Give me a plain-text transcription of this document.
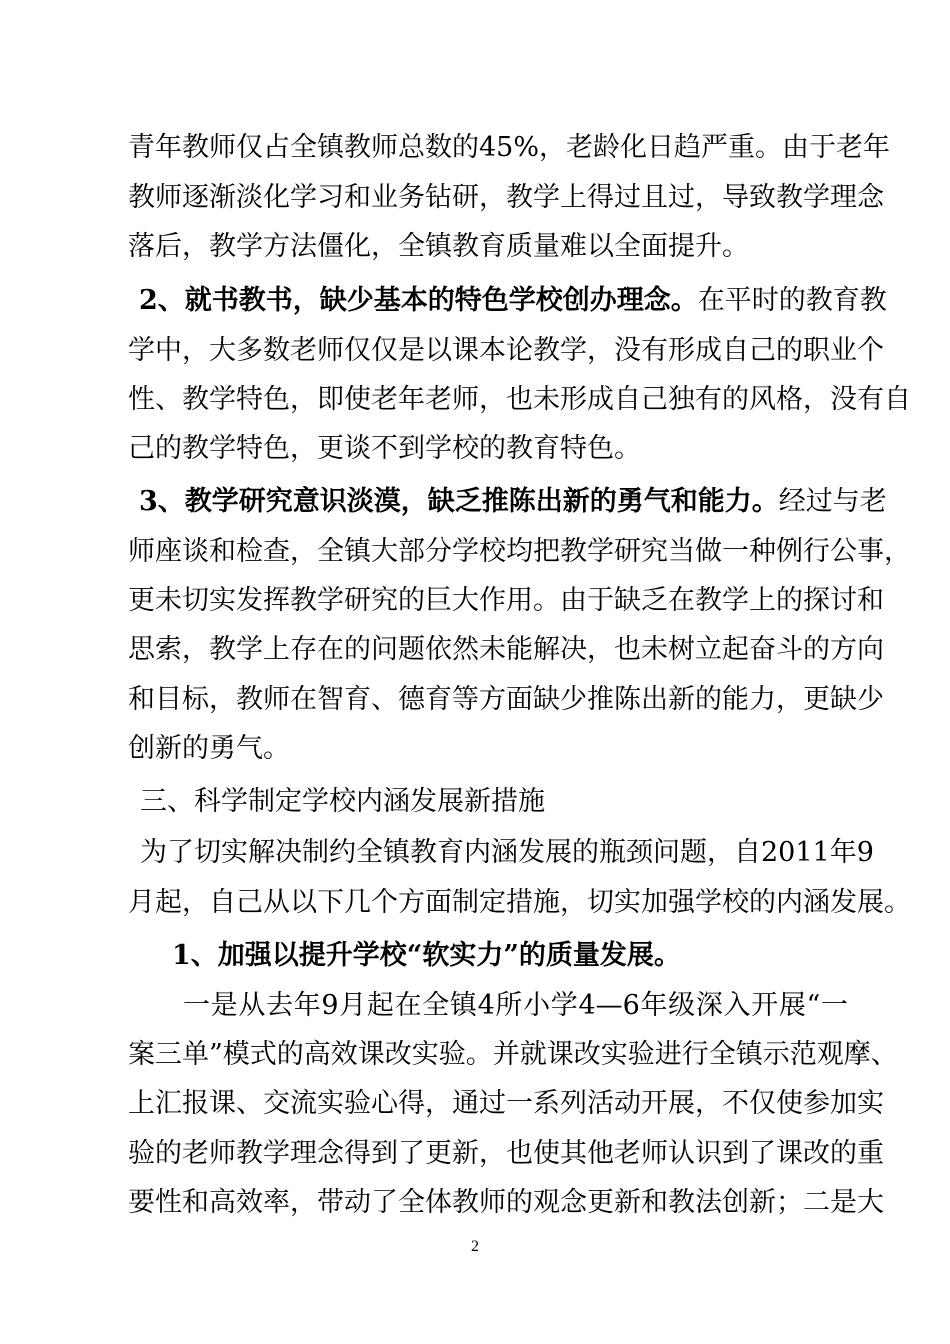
青年教师仅占全镇教师总数的45%，老龄化日趋严重。由于老年
教师逐渐淡化学习和业务钻研，教学上得过且过，导致教学理念
落后，教学方法僵化，全镇教育质量难以全面提升。
2、就书教书，缺少基本的特色学校创办理念。在平时的教育教
学中，大多数老师仅仅是以课本论教学，没有形成自己的职业个
性、教学特色，即使老年老师，也未形成自己独有的风格，没有自
己的教学特色，更谈不到学校的教育特色。
3、教学研究意识淡漠，缺乏推陈出新的勇气和能力。经过与老
师座谈和检查，全镇大部分学校均把教学研究当做一种例行公事，
更未切实发挥教学研究的巨大作用。由于缺乏在教学上的探讨和
思索，教学上存在的问题依然未能解决，也未树立起奋斗的方向
和目标，教师在智育、德育等方面缺少推陈出新的能力，更缺少
创新的勇气。
三、科学制定学校内涵发展新措施
为了切实解决制约全镇教育内涵发展的瓶颈问题，自2011年9
月起，自己从以下几个方面制定措施，切实加强学校的内涵发展。
1、加强以提升学校“软实力”的质量发展。
一是从去年9月起在全镇4所小学4—6年级深入开展“一
案三单”模式的高效课改实验。并就课改实验进行全镇示范观摩、
上汇报课、交流实验心得，通过一系列活动开展，不仅使参加实
验的老师教学理念得到了更新，也使其他老师认识到了课改的重
要性和高效率，带动了全体教师的观念更新和教法创新；二是大
2
